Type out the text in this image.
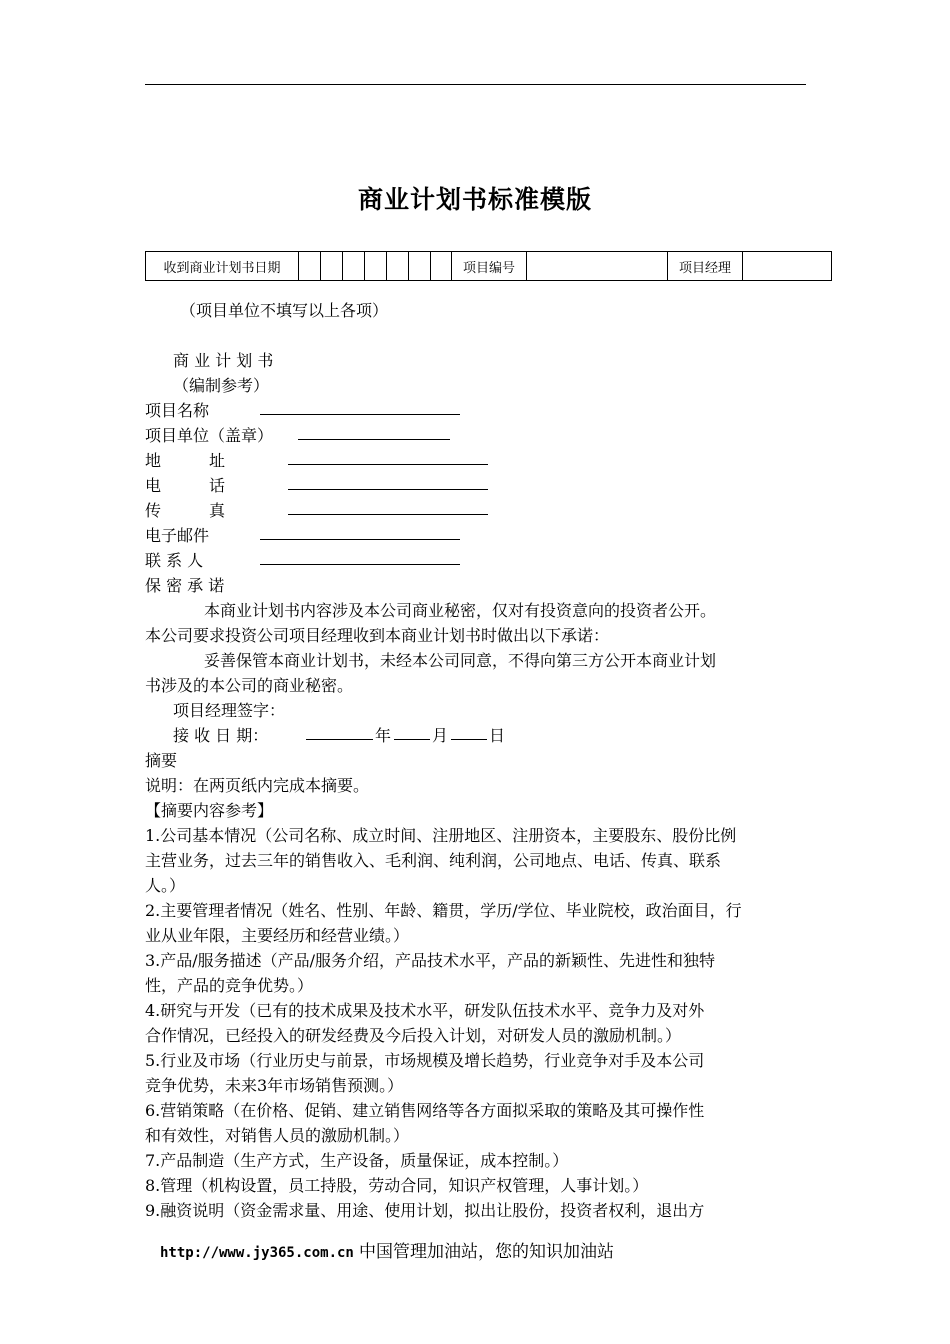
商业计划书标准模版
收到商业计划书日期								项目编号		项目经理	
（项目单位不填写以上各项）
商 业 计 划 书
（编制参考）
项目名称
项目单位（盖章）
地　　　址
电　　　话
传　　　真
电子邮件
联 系 人
保 密 承 诺
本商业计划书内容涉及本公司商业秘密，仅对有投资意向的投资者公开。
本公司要求投资公司项目经理收到本商业计划书时做出以下承诺：
妥善保管本商业计划书，未经本公司同意，不得向第三方公开本商业计划
书涉及的本公司的商业秘密。
项目经理签字：
接 收 日 期：	年	月	日
摘要
说明：在两页纸内完成本摘要。
【摘要内容参考】
1.公司基本情况（公司名称、成立时间、注册地区、注册资本，主要股东、股份比例
主营业务，过去三年的销售收入、毛利润、纯利润，公司地点、电话、传真、联系
人。）
2.主要管理者情况（姓名、性别、年龄、籍贯，学历/学位、毕业院校，政治面目，行
业从业年限，主要经历和经营业绩。）
3.产品/服务描述（产品/服务介绍，产品技术水平，产品的新颖性、先进性和独特
性，产品的竞争优势。）
4.研究与开发（已有的技术成果及技术水平，研发队伍技术水平、竞争力及对外
合作情况，已经投入的研发经费及今后投入计划，对研发人员的激励机制。）
5.行业及市场（行业历史与前景，市场规模及增长趋势，行业竞争对手及本公司
竞争优势，未来3年市场销售预测。）
6.营销策略（在价格、促销、建立销售网络等各方面拟采取的策略及其可操作性
和有效性，对销售人员的激励机制。）
7.产品制造（生产方式，生产设备，质量保证，成本控制。）
8.管理（机构设置，员工持股，劳动合同，知识产权管理，人事计划。）
9.融资说明（资金需求量、用途、使用计划，拟出让股份，投资者权利，退出方
http://www.jy365.com.cn 中国管理加油站，您的知识加油站
